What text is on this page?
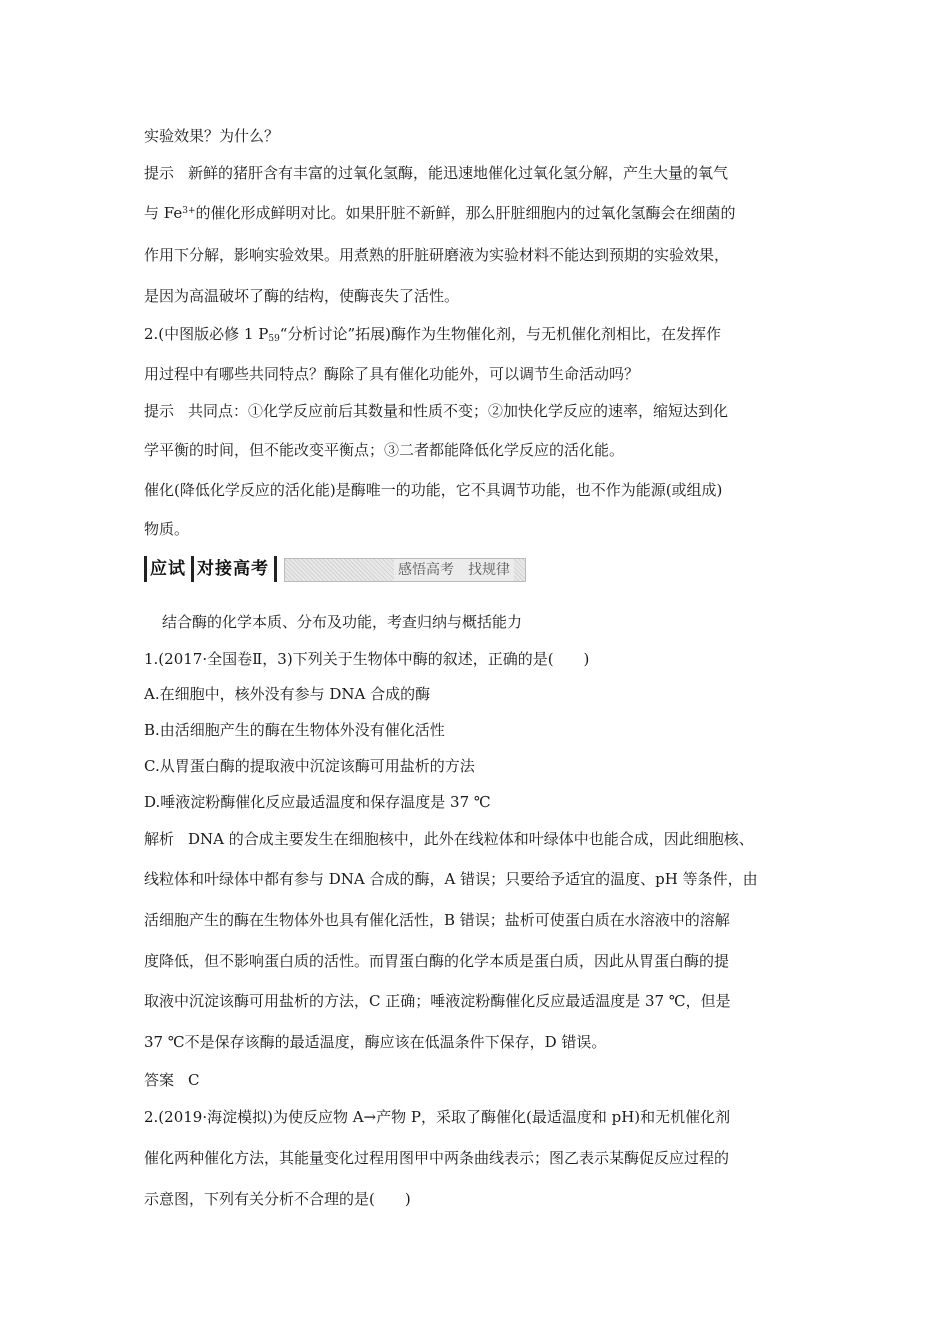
实验效果？为什么？
提示 新鲜的猪肝含有丰富的过氧化氢酶，能迅速地催化过氧化氢分解，产生大量的氧气
与 $Fe^{3+}$的催化形成鲜明对比。如果肝脏不新鲜，那么肝脏细胞内的过氧化氢酶会在细菌的
作用下分解，影响实验效果。用煮熟的肝脏研磨液为实验材料不能达到预期的实验效果，
是因为高温破坏了酶的结构，使酶丧失了活性。
2.(中图版必修 1 $P_{59}“$分析讨论”拓展)酶作为生物催化剂，与无机催化剂相比，在发挥作
用过程中有哪些共同特点？酶除了具有催化功能外，可以调节生命活动吗？
提示 共同点：①化学反应前后其数量和性质不变；②加快化学反应的速率，缩短达到化
学平衡的时间，但不能改变平衡点；③二者都能降低化学反应的活化能。
催化(降低化学反应的活化能)是酶唯一的功能，它不具调节功能，也不作为能源(或组成)
物质。
应试 对接高考	感悟高考　找规律
结合酶的化学本质、分布及功能，考查归纳与概括能力
1.(2017·全国卷Ⅱ，3)下列关于生物体中酶的叙述，正确的是(　　)
A.在细胞中，核外没有参与 DNA 合成的酶
B.由活细胞产生的酶在生物体外没有催化活性
C.从胃蛋白酶的提取液中沉淀该酶可用盐析的方法
D.唾液淀粉酶催化反应最适温度和保存温度是 37 ℃
解析 DNA 的合成主要发生在细胞核中，此外在线粒体和叶绿体中也能合成，因此细胞核、
线粒体和叶绿体中都有参与 DNA 合成的酶，A 错误；只要给予适宜的温度、pH 等条件，由
活细胞产生的酶在生物体外也具有催化活性，B 错误；盐析可使蛋白质在水溶液中的溶解
度降低，但不影响蛋白质的活性。而胃蛋白酶的化学本质是蛋白质，因此从胃蛋白酶的提
取液中沉淀该酶可用盐析的方法，C 正确；唾液淀粉酶催化反应最适温度是 37 ℃，但是
37 ℃不是保存该酶的最适温度，酶应该在低温条件下保存，D 错误。
答案 C
2.(2019·海淀模拟)为使反应物 A→产物 P，采取了酶催化(最适温度和 pH)和无机催化剂
催化两种催化方法，其能量变化过程用图甲中两条曲线表示；图乙表示某酶促反应过程的
示意图，下列有关分析不合理的是(　　)
